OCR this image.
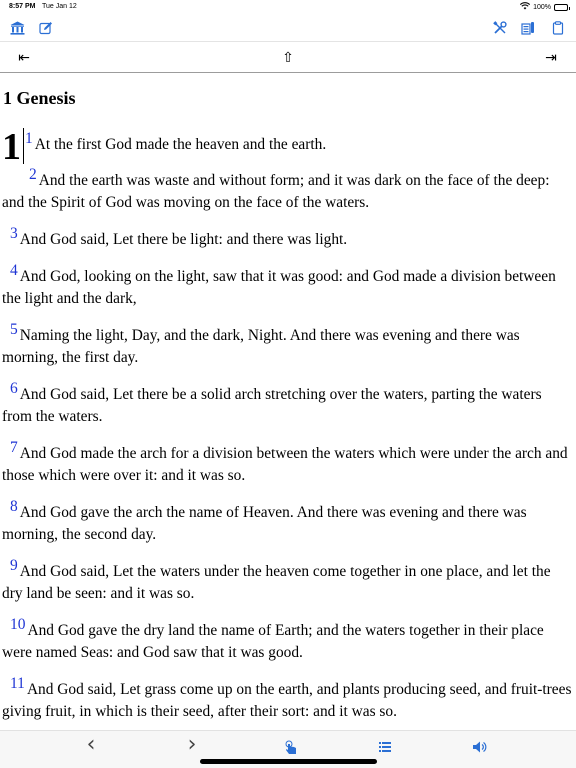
8:57 PM Tue Jan 12	100%
⇤	⇧	⇥
1 Genesis
1 1 At the first God made the heaven and the earth.
2 And the earth was waste and without form; and it was dark on the face of the deep: and the Spirit of God was moving on the face of the waters.
3 And God said, Let there be light: and there was light.
4 And God, looking on the light, saw that it was good: and God made a division between the light and the dark,
5 Naming the light, Day, and the dark, Night. And there was evening and there was morning, the first day.
6 And God said, Let there be a solid arch stretching over the waters, parting the waters from the waters.
7 And God made the arch for a division between the waters which were under the arch and those which were over it: and it was so.
8 And God gave the arch the name of Heaven. And there was evening and there was morning, the second day.
9 And God said, Let the waters under the heaven come together in one place, and let the dry land be seen: and it was so.
10 And God gave the dry land the name of Earth; and the waters together in their place were named Seas: and God saw that it was good.
11 And God said, Let grass come up on the earth, and plants producing seed, and fruit-trees giving fruit, in which is their seed, after their sort: and it was so.
‹	›
